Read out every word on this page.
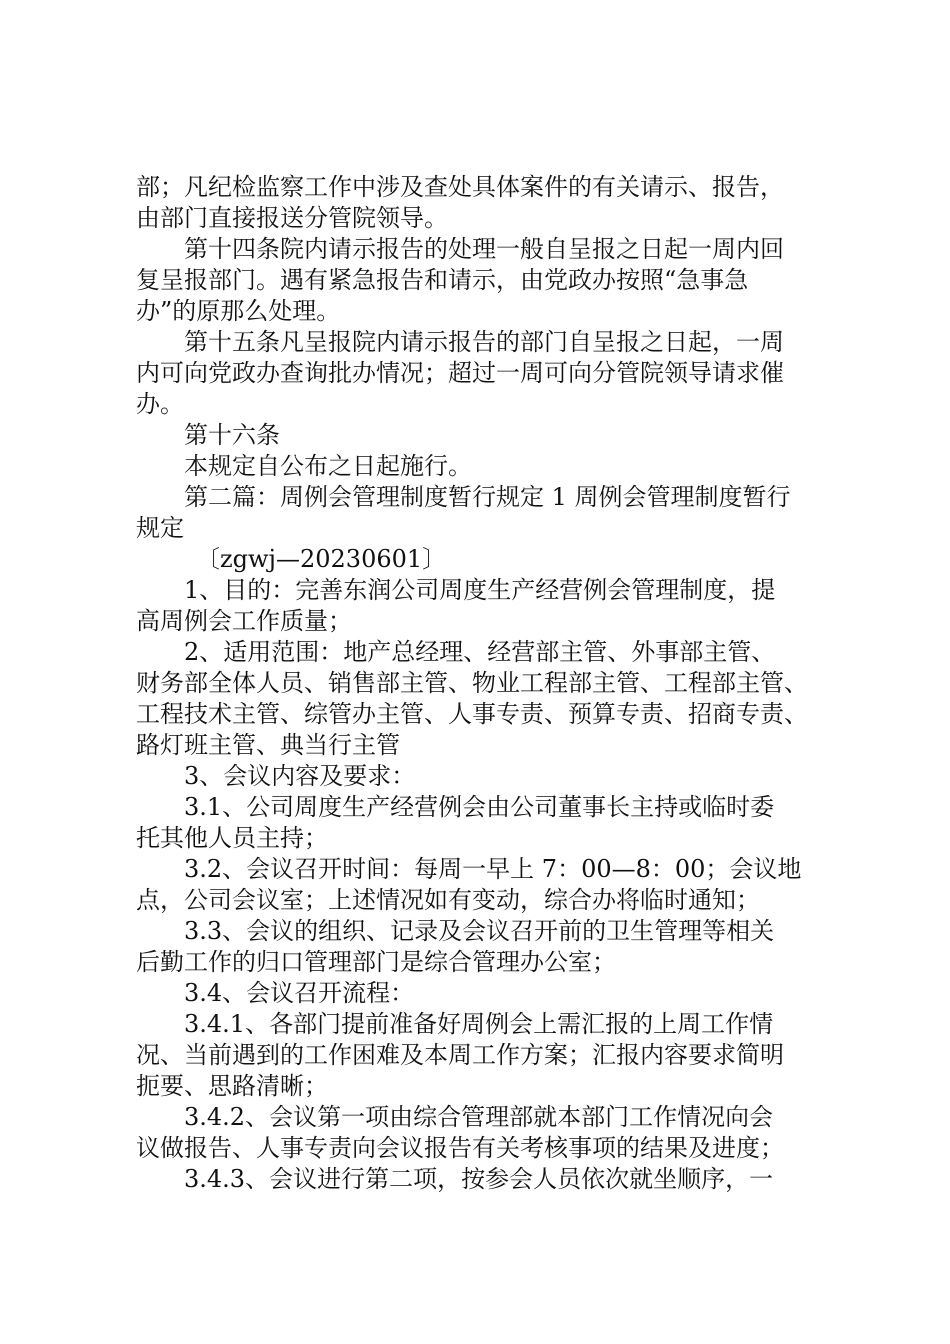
部；凡纪检监察工作中涉及查处具体案件的有关请示、报告，
由部门直接报送分管院领导。
第十四条院内请示报告的处理一般自呈报之日起一周内回
复呈报部门。遇有紧急报告和请示，由党政办按照“急事急
办”的原那么处理。
第十五条凡呈报院内请示报告的部门自呈报之日起，一周
内可向党政办查询批办情况；超过一周可向分管院领导请求催
办。
第十六条
本规定自公布之日起施行。
第二篇：周例会管理制度暂行规定 1 周例会管理制度暂行
规定
〔zgwj—20230601〕
1、目的：完善东润公司周度生产经营例会管理制度，提
高周例会工作质量；
2、适用范围：地产总经理、经营部主管、外事部主管、
财务部全体人员、销售部主管、物业工程部主管、工程部主管、
工程技术主管、综管办主管、人事专责、预算专责、招商专责、
路灯班主管、典当行主管
3、会议内容及要求：
3.1、公司周度生产经营例会由公司董事长主持或临时委
托其他人员主持；
3.2、会议召开时间：每周一早上 7：00—8：00；会议地
点，公司会议室；上述情况如有变动，综合办将临时通知；
3.3、会议的组织、记录及会议召开前的卫生管理等相关
后勤工作的归口管理部门是综合管理办公室；
3.4、会议召开流程：
3.4.1、各部门提前准备好周例会上需汇报的上周工作情
况、当前遇到的工作困难及本周工作方案；汇报内容要求简明
扼要、思路清晰；
3.4.2、会议第一项由综合管理部就本部门工作情况向会
议做报告、人事专责向会议报告有关考核事项的结果及进度；
3.4.3、会议进行第二项，按参会人员依次就坐顺序，一
